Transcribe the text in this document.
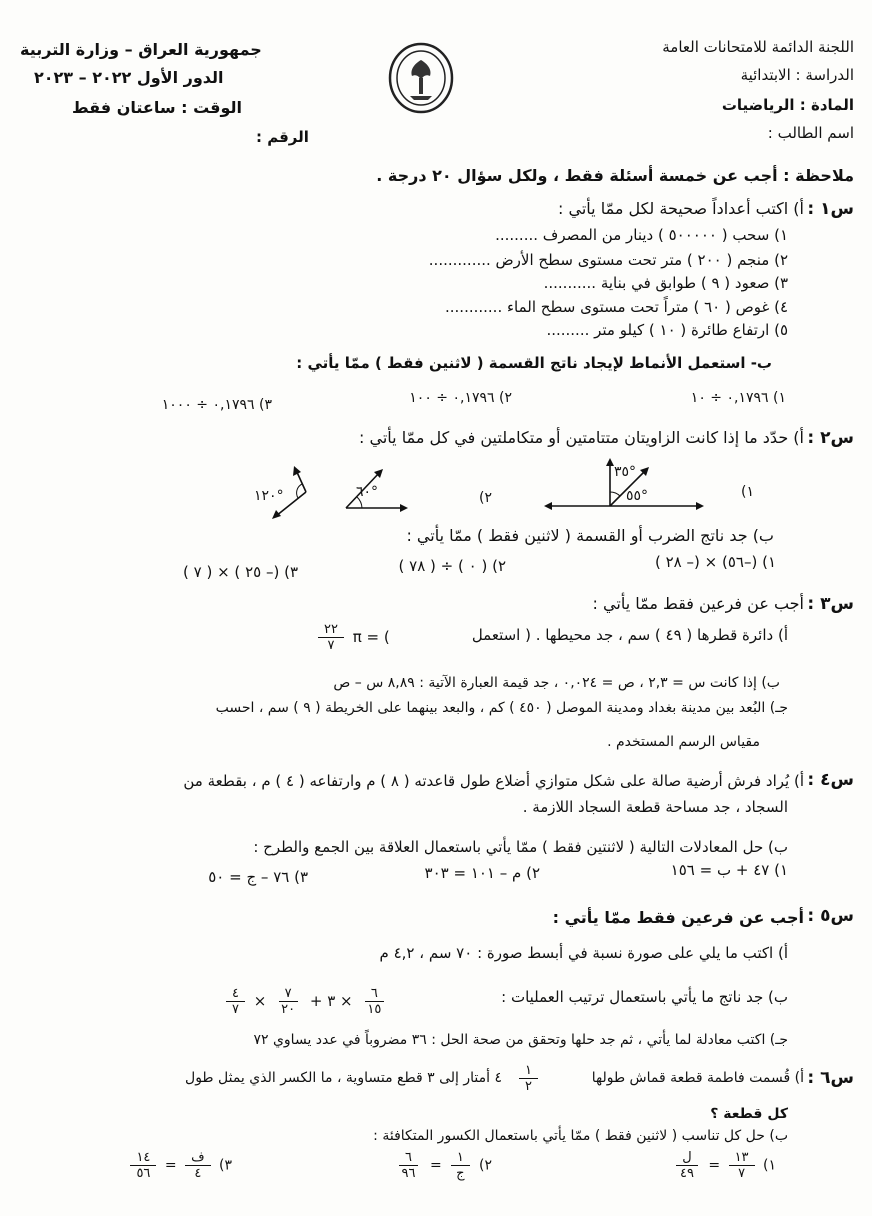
اللجنة الدائمة للامتحانات العامة
الدراسة : الابتدائية
المادة : الرياضيات
اسم الطالب :
جمهورية العراق – وزارة التربية
الدور الأول ٢٠٢٢ – ٢٠٢٣
الوقت : ساعتان فقط
الرقم :
ملاحظة : أجب عن خمسة أسئلة فقط ، ولكل سؤال ٢٠ درجة .
س١ :
أ) اكتب أعداداً صحيحة لكل ممّا يأتي :
١) سحب ( ٥٠٠٠٠٠ ) دينار من المصرف .........
٢) منجم ( ٢٠٠ ) متر تحت مستوى سطح الأرض .............
٣) صعود ( ٩ ) طوابق في بناية ...........
٤) غوص ( ٦٠ ) متراً تحت مستوى سطح الماء ............
٥) ارتفاع طائرة ( ١٠ ) كيلو متر .........
ب- استعمل الأنماط لإيجاد ناتج القسمة ( لاثنين فقط ) ممّا يأتي :
١) ٠,١٧٩٦ ÷ ١٠
٢) ٠,١٧٩٦ ÷ ١٠٠
٣) ٠,١٧٩٦ ÷ ١٠٠٠
س٢ :
أ) حدّد ما إذا كانت الزاويتان متتامتين أو متكاملتين في كل ممّا يأتي :
١)
٣٥°
٥٥°
٢)
٦٠°
١٢٠°
ب) جد ناتج الضرب أو القسمة ( لاثنين فقط ) ممّا يأتي :
١) (–٥٦) × (– ٢٨ )
٢) ( ٠ ) ÷ ( ٧٨ )
٣) (– ٢٥ ) × ( ٧ )
س٣ :
أجب عن فرعين فقط ممّا يأتي :
أ) دائرة قطرها ( ٤٩ ) سم ، جد محيطها . ( استعمل
( π =
$\frac{٢٢}{٧}$
ب) إذا كانت س = ٢,٣ ، ص = ٠,٠٢٤ ، جد قيمة العبارة الآتية : ٨,٨٩ س – ص
جـ) البُعد بين مدينة بغداد ومدينة الموصل ( ٤٥٠ ) كم ، والبعد بينهما على الخريطة ( ٩ ) سم ، احسب
مقياس الرسم المستخدم .
س٤ :
أ) يُراد فرش أرضية صالة على شكل متوازي أضلاع طول قاعدته ( ٨ ) م وارتفاعه ( ٤ ) م ، بقطعة من
السجاد ، جد مساحة قطعة السجاد اللازمة .
ب) حل المعادلات التالية ( لاثنتين فقط ) ممّا يأتي باستعمال العلاقة بين الجمع والطرح :
١) ٤٧ + ب = ١٥٦
٢) م – ١٠١ = ٣٠٣
٣) ٧٦ – ج = ٥٠
س٥ :
أجب عن فرعين فقط ممّا يأتي :
أ) اكتب ما يلي على صورة نسبة في أبسط صورة : ٧٠ سم ، ٤,٢ م
ب) جد ناتج ما يأتي باستعمال ترتيب العمليات :
$\frac{٦}{١٥}$
× ٣ +
$\frac{٧}{٢٠}$
×
$\frac{٤}{٧}$
جـ) اكتب معادلة لما يأتي ، ثم جد حلها وتحقق من صحة الحل : ٣٦ مضروباً في عدد يساوي ٧٢
س٦ :
أ) قُسمت فاطمة قطعة قماش طولها
$\frac{١}{٢}$
٤ أمتار إلى ٣ قطع متساوية ، ما الكسر الذي يمثل طول
كل قطعة ؟
ب) حل كل تناسب ( لاثنين فقط ) ممّا يأتي باستعمال الكسور المتكافئة :
١)
$\frac{١٣}{٧}$
=
$\frac{\text{ل}}{٤٩}$
٢)
$\frac{١}{\text{ج}}$
=
$\frac{٦}{٩٦}$
٣)
$\frac{\text{ف}}{٤}$
=
$\frac{١٤}{٥٦}$
